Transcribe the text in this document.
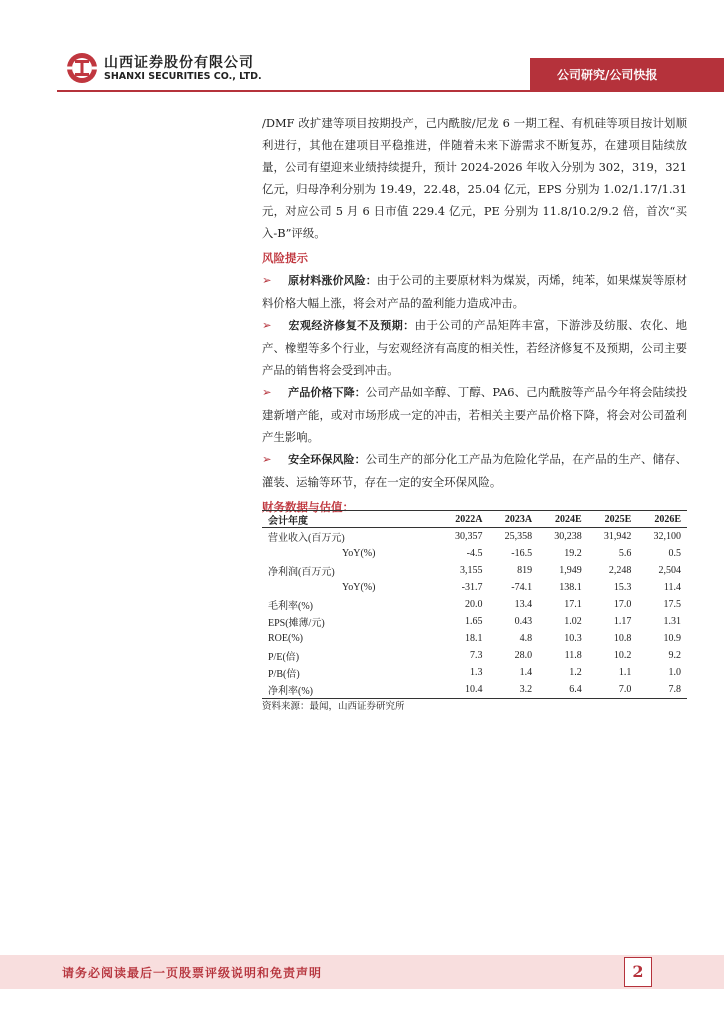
山西证券股份有限公司
SHANXI SECURITIES CO., LTD.	公司研究/公司快报

/DMF 改扩建等项目按期投产，己内酰胺/尼龙 6 一期工程、有机硅等项目按计划顺利进行，其他在建项目平稳推进，伴随着未来下游需求不断复苏，在建项目陆续放量，公司有望迎来业绩持续提升，预计 2024-2026 年收入分别为 302，319，321 亿元，归母净利分别为 19.49，22.48，25.04 亿元，EPS 分别为 1.02/1.17/1.31 元，对应公司 5 月 6 日市值 229.4 亿元，PE 分别为 11.8/10.2/9.2 倍，首次“买入-B”评级。

风险提示

➢ 原材料涨价风险：由于公司的主要原材料为煤炭，丙烯，纯苯，如果煤炭等原材料价格大幅上涨，将会对产品的盈利能力造成冲击。

➢ 宏观经济修复不及预期：由于公司的产品矩阵丰富，下游涉及纺服、农化、地产、橡塑等多个行业，与宏观经济有高度的相关性，若经济修复不及预期，公司主要产品的销售将会受到冲击。

➢ 产品价格下降：公司产品如辛醇、丁醇、PA6、己内酰胺等产品今年将会陆续投建新增产能，或对市场形成一定的冲击，若相关主要产品价格下降，将会对公司盈利产生影响。

➢ 安全环保风险：公司生产的部分化工产品为危险化学品，在产品的生产、储存、灌装、运输等环节，存在一定的安全环保风险。

财务数据与估值：
会计年度	2022A	2023A	2024E	2025E	2026E
营业收入(百万元)	30,357	25,358	30,238	31,942	32,100
YoY(%)	-4.5	-16.5	19.2	5.6	0.5
净利润(百万元)	3,155	819	1,949	2,248	2,504
YoY(%)	-31.7	-74.1	138.1	15.3	11.4
毛利率(%)	20.0	13.4	17.1	17.0	17.5
EPS(摊薄/元)	1.65	0.43	1.02	1.17	1.31
ROE(%)	18.1	4.8	10.3	10.8	10.9
P/E(倍)	7.3	28.0	11.8	10.2	9.2
P/B(倍)	1.3	1.4	1.2	1.1	1.0
净利率(%)	10.4	3.2	6.4	7.0	7.8
资料来源：最闻，山西证券研究所
请务必阅读最后一页股票评级说明和免责声明	2
